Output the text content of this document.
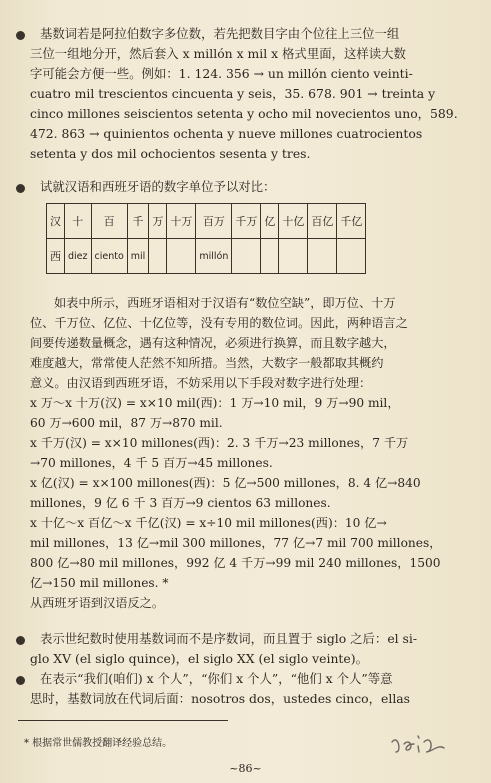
基数词若是阿拉伯数字多位数，若先把数目字由个位往上三位一组
三位一组地分开，然后套入 x millón x mil x 格式里面，这样读大数
字可能会方便一些。例如：1. 124. 356 → un millón ciento veinti-
cuatro mil trescientos cincuenta y seis，35. 678. 901 → treinta y
cinco millones seiscientos setenta y ocho mil novecientos uno，589.
472. 863 → quinientos ochenta y nueve millones cuatrocientos
setenta y dos mil ochocientos sesenta y tres.
试就汉语和西班牙语的数字单位予以对比：
汉	十	百	千	万	十万	百万	千万	亿	十亿	百亿	千亿
西	diez	ciento	mil			millón					
如表中所示，西班牙语相对于汉语有“数位空缺”，即万位、十万
位、千万位、亿位、十亿位等，没有专用的数位词。因此，两种语言之
间要传递数量概念，遇有这种情况，必须进行换算，而且数字越大，
难度越大，常常使人茫然不知所措。当然，大数字一般都取其概约
意义。由汉语到西班牙语，不妨采用以下手段对数字进行处理：
x 万～x 十万(汉) = x×10 mil(西)：1 万→10 mil，9 万→90 mil，
60 万→600 mil，87 万→870 mil.
x 千万(汉) = x×10 millones(西)：2. 3 千万→23 millones，7 千万
→70 millones，4 千 5 百万→45 millones.
x 亿(汉) = x×100 millones(西)：5 亿→500 millones，8. 4 亿→840
millones，9 亿 6 千 3 百万→9 cientos 63 millones.
x 十亿～x 百亿～x 千亿(汉) = x÷10 mil millones(西)：10 亿→
mil millones，13 亿→mil 300 millones，77 亿→7 mil 700 millones，
800 亿→80 mil millones，992 亿 4 千万→99 mil 240 millones，1500
亿→150 mil millones. *
从西班牙语到汉语反之。
表示世纪数时使用基数词而不是序数词，而且置于 siglo 之后：el si-
glo XV (el siglo quince)，el siglo XX (el siglo veinte)。
在表示“我们(咱们) x 个人”，“你们 x 个人”，“他们 x 个人”等意
思时，基数词放在代词后面：nosotros dos，ustedes cinco，ellas
* 根据常世儒教授翻译经验总结。
~86~
